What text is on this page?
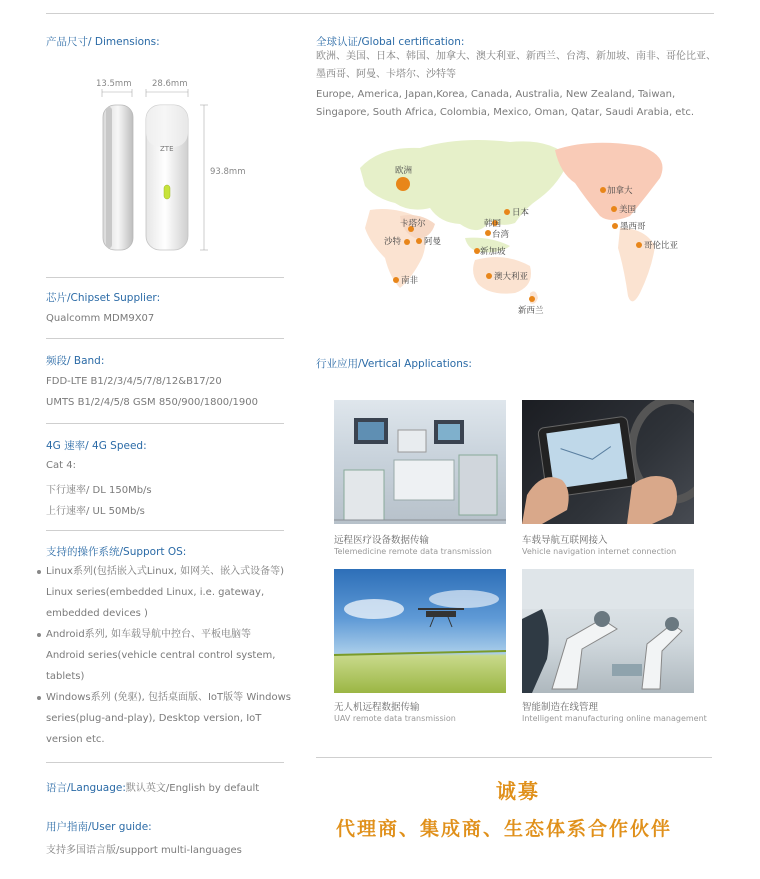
产品尺寸/ Dimensions:
13.5mm 28.6mm
ZTE
93.8mm
芯片/Chipset Supplier:
Qualcomm MDM9X07
频段/ Band:
FDD-LTE B1/2/3/4/5/7/8/12&B17/20
UMTS B1/2/4/5/8 GSM 850/900/1800/1900
4G 速率/ 4G Speed:
Cat 4:
下行速率/ DL 150Mb/s
上行速率/ UL 50Mb/s
支持的操作系统/Support OS:
Linux系列(包括嵌入式Linux, 如网关、嵌入式设备等) Linux series(embedded Linux, i.e. gateway, embedded devices )
Android系列, 如车载导航中控台、平板电脑等 Android series(vehicle central control system, tablets)
Windows系列 (免驱), 包括桌面版、IoT版等 Windows series(plug-and-play), Desktop version, IoT version etc.
语言/Language:默认英文/English by default
用户指南/User guide:
支持多国语言版/support multi-languages
全球认证/Global certification:
欧洲、美国、日本、韩国、加拿大、澳大利亚、新西兰、台湾、新加坡、南非、哥伦比亚、墨西哥、阿曼、卡塔尔、沙特等
Europe, America, Japan,Korea, Canada, Australia, New Zealand, Taiwan, Singapore, South Africa, Colombia, Mexico, Oman, Qatar, Saudi Arabia, etc.
欧洲
卡塔尔
沙特	阿曼
南非
韩国
日本
台湾
新加坡
澳大利亚
新西兰
加拿大
美国
墨西哥
哥伦比亚
行业应用/Vertical Applications:
远程医疗设备数据传输
Telemedicine remote data transmission
车载导航互联网接入
Vehicle navigation internet connection
无人机远程数据传输
UAV remote data transmission
智能制造在线管理
Intelligent manufacturing online management
诚募
代理商、集成商、生态体系合作伙伴
